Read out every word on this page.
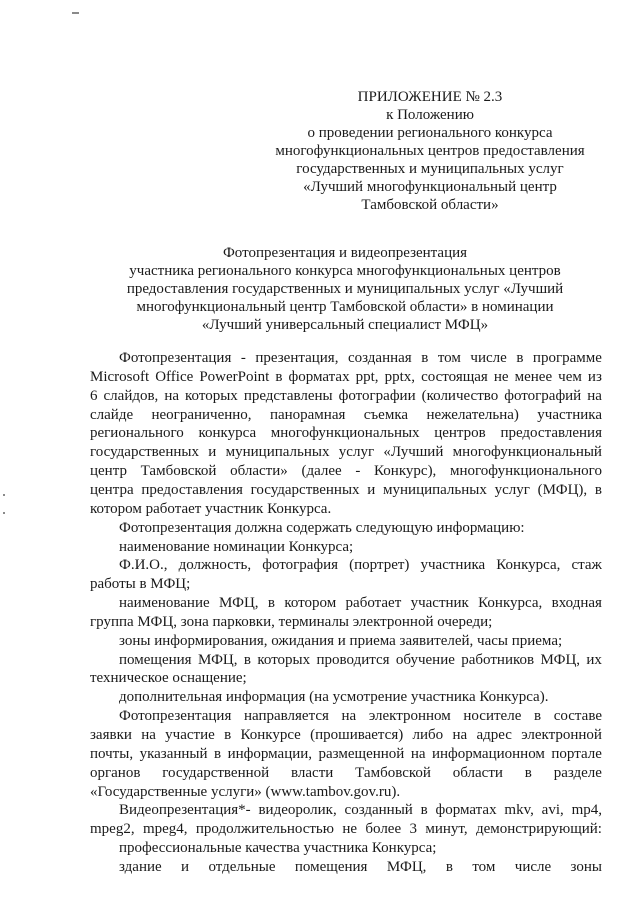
ПРИЛОЖЕНИЕ № 2.3
к Положению
о проведении регионального конкурса
многофункциональных центров предоставления
государственных и муниципальных услуг
«Лучший многофункциональный центр
Тамбовской области»
Фотопрезентация и видеопрезентация
участника регионального конкурса многофункциональных центров
предоставления государственных и муниципальных услуг «Лучший
многофункциональный центр Тамбовской области» в номинации
«Лучший универсальный специалист МФЦ»
Фотопрезентация - презентация, созданная в том числе в программе
Microsoft Office PowerPoint в форматах ppt, pptx, состоящая не менее чем из
6 слайдов, на которых представлены фотографии (количество фотографий на
слайде неограниченно, панорамная съемка нежелательна) участника
регионального конкурса многофункциональных центров предоставления
государственных и муниципальных услуг «Лучший многофункциональный
центр Тамбовской области» (далее - Конкурс), многофункционального
центра предоставления государственных и муниципальных услуг (МФЦ), в
котором работает участник Конкурса.
Фотопрезентация должна содержать следующую информацию:
наименование номинации Конкурса;
Ф.И.О., должность, фотография (портрет) участника Конкурса, стаж
работы в МФЦ;
наименование МФЦ, в котором работает участник Конкурса, входная
группа МФЦ, зона парковки, терминалы электронной очереди;
зоны информирования, ожидания и приема заявителей, часы приема;
помещения МФЦ, в которых проводится обучение работников МФЦ, их
техническое оснащение;
дополнительная информация (на усмотрение участника Конкурса).
Фотопрезентация направляется на электронном носителе в составе
заявки на участие в Конкурсе (прошивается) либо на адрес электронной
почты, указанный в информации, размещенной на информационном портале
органов государственной власти Тамбовской области в разделе
«Государственные услуги» (www.tambov.gov.ru).
Видеопрезентация*- видеоролик, созданный в форматах mkv, avi, mp4,
mpeg2, mpeg4, продолжительностью не более 3 минут, демонстрирующий:
профессиональные качества участника Конкурса;
здание и отдельные помещения МФЦ, в том числе зоны
